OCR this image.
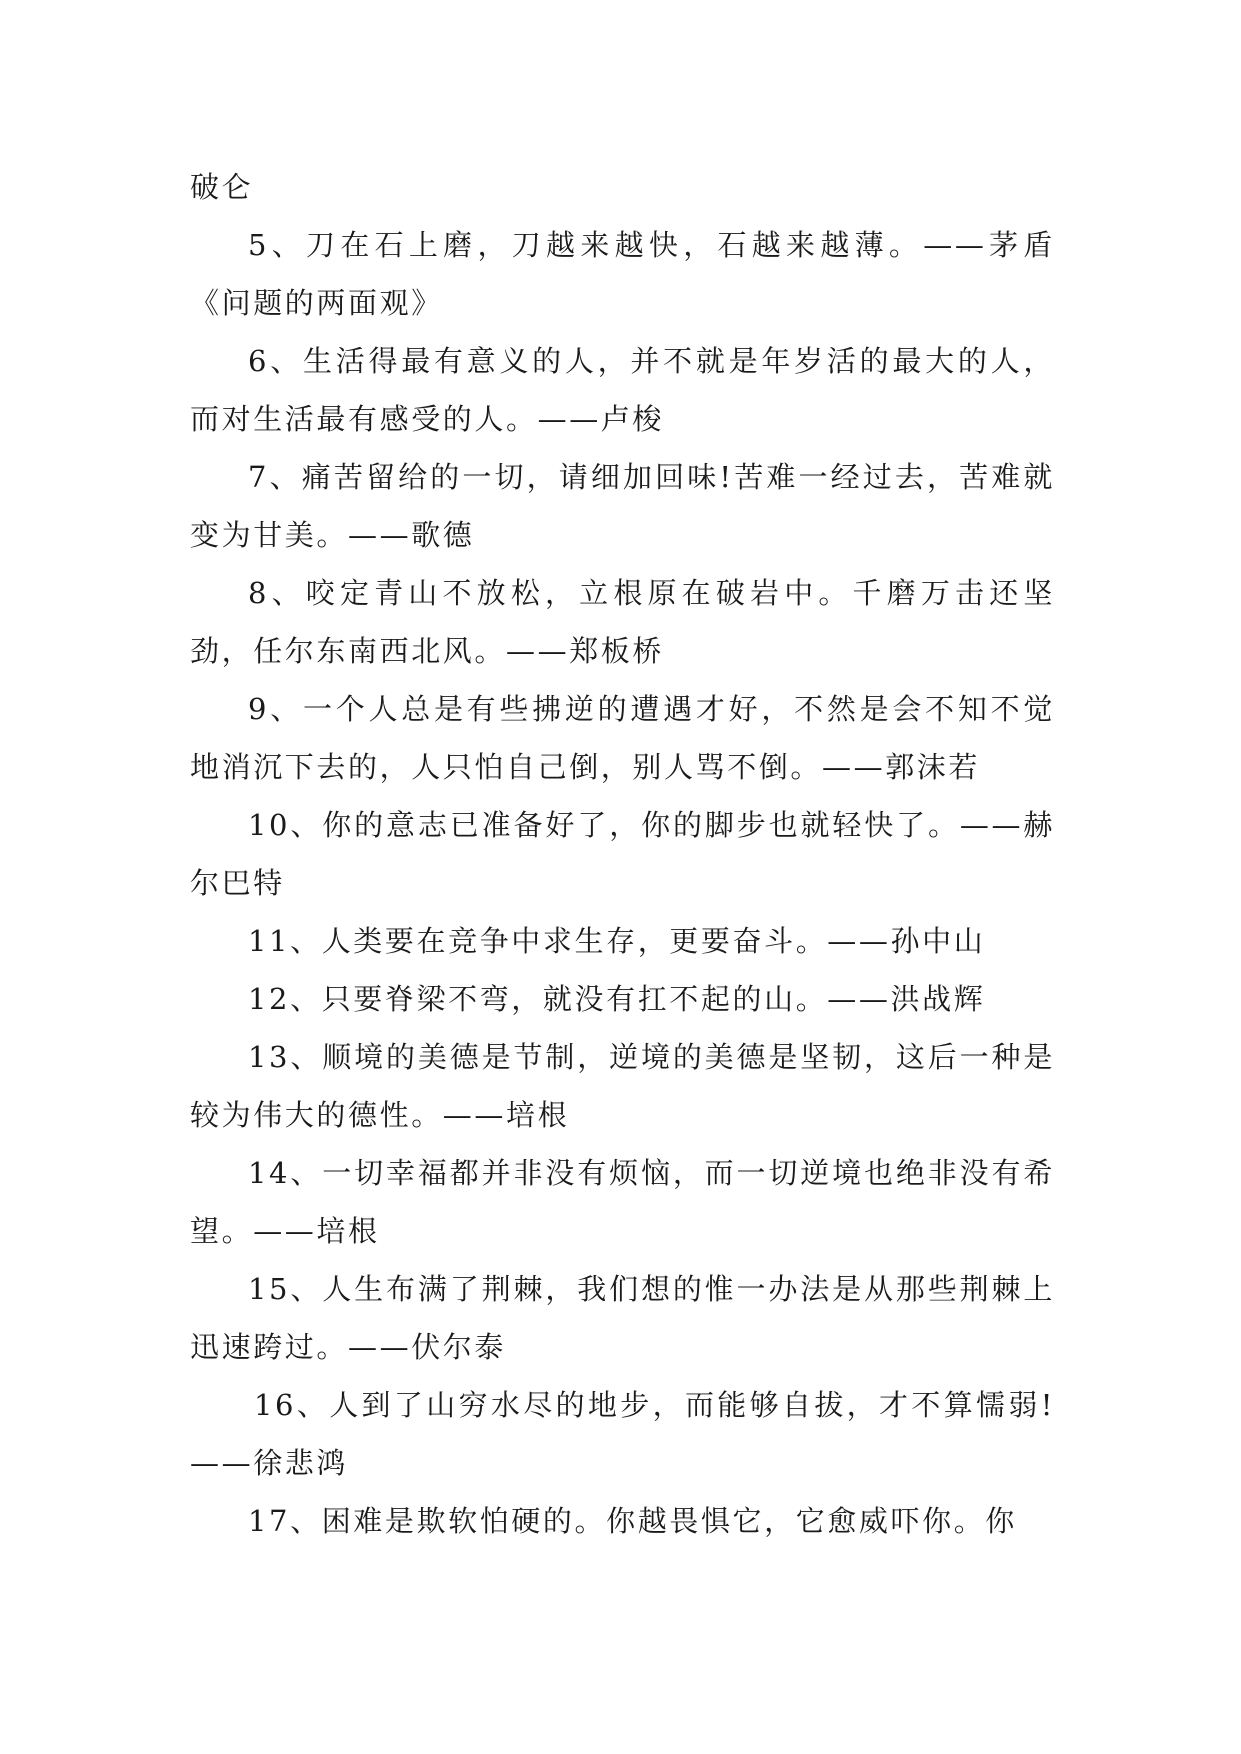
破仑

5、刀在石上磨，刀越来越快，石越来越薄。——茅盾《问题的两面观》

6、生活得最有意义的人，并不就是年岁活的最大的人，而对生活最有感受的人。——卢梭

7、痛苦留给的一切，请细加回味!苦难一经过去，苦难就变为甘美。——歌德

8、咬定青山不放松，立根原在破岩中。千磨万击还坚劲，任尔东南西北风。——郑板桥

9、一个人总是有些拂逆的遭遇才好，不然是会不知不觉地消沉下去的，人只怕自己倒，别人骂不倒。——郭沫若

10、你的意志已准备好了，你的脚步也就轻快了。——赫尔巴特

11、人类要在竞争中求生存，更要奋斗。——孙中山

12、只要脊梁不弯，就没有扛不起的山。——洪战辉

13、顺境的美德是节制，逆境的美德是坚韧，这后一种是较为伟大的德性。——培根

14、一切幸福都并非没有烦恼，而一切逆境也绝非没有希望。——培根

15、人生布满了荆棘，我们想的惟一办法是从那些荆棘上迅速跨过。——伏尔泰

16、人到了山穷水尽的地步，而能够自拔，才不算懦弱!——徐悲鸿

17、困难是欺软怕硬的。你越畏惧它，它愈威吓你。你
